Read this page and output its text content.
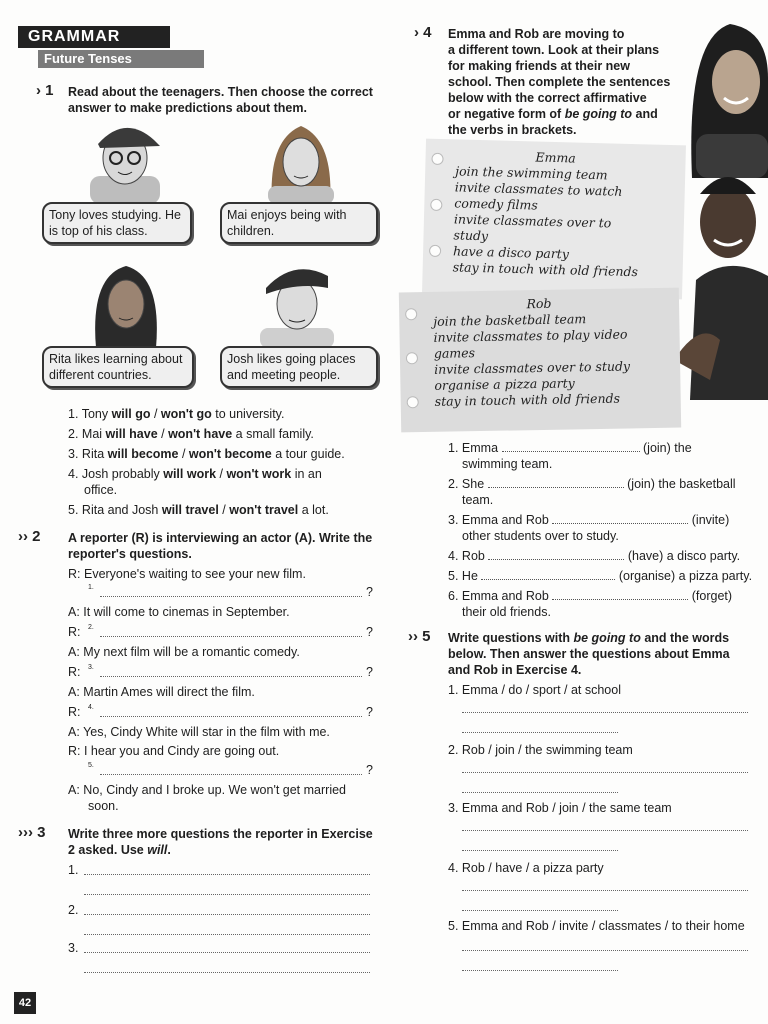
GRAMMAR
Future Tenses
› 1 Read about the teenagers. Then choose the correct answer to make predictions about them.
Tony loves studying. He is top of his class.
Mai enjoys being with children.
Rita likes learning about different countries.
Josh likes going places and meeting people.
1. Tony will go / won't go to university.
2. Mai will have / won't have a small family.
3. Rita will become / won't become a tour guide.
4. Josh probably will work / won't work in an
office.
5. Rita and Josh will travel / won't travel a lot.
›› 2 A reporter (R) is interviewing an actor (A). Write the reporter's questions.
R: Everyone's waiting to see your new film.
1.	?
A: It will come to cinemas in September.
R: 2.	?
A: My next film will be a romantic comedy.
R: 3.	?
A: Martin Ames will direct the film.
R: 4.	?
A: Yes, Cindy White will star in the film with me.
R: I hear you and Cindy are going out.
5.	?
A: No, Cindy and I broke up. We won't get married
soon.
››› 3 Write three more questions the reporter in Exercise 2 asked. Use will.
1.
2.
3.
› 4 Emma and Rob are moving to
a different town. Look at their plans
for making friends at their new
school. Then complete the sentences
below with the correct affirmative
or negative form of be going to and
the verbs in brackets.
Emma
join the swimming team
invite classmates to watch
comedy films
invite classmates over to
study
have a disco party
stay in touch with old friends
Rob
join the basketball team
invite classmates to play video
games
invite classmates over to study
organise a pizza party
stay in touch with old friends
1. Emma	(join) the
swimming team.
2. She	(join) the basketball
team.
3. Emma and Rob	(invite)
other students over to study.
4. Rob	(have) a disco party.
5. He	(organise) a pizza party.
6. Emma and Rob	(forget)
their old friends.
›› 5 Write questions with be going to and the words
below. Then answer the questions about Emma
and Rob in Exercise 4.
1. Emma / do / sport / at school
2. Rob / join / the swimming team
3. Emma and Rob / join / the same team
4. Rob / have / a pizza party
5. Emma and Rob / invite / classmates / to their home
42
